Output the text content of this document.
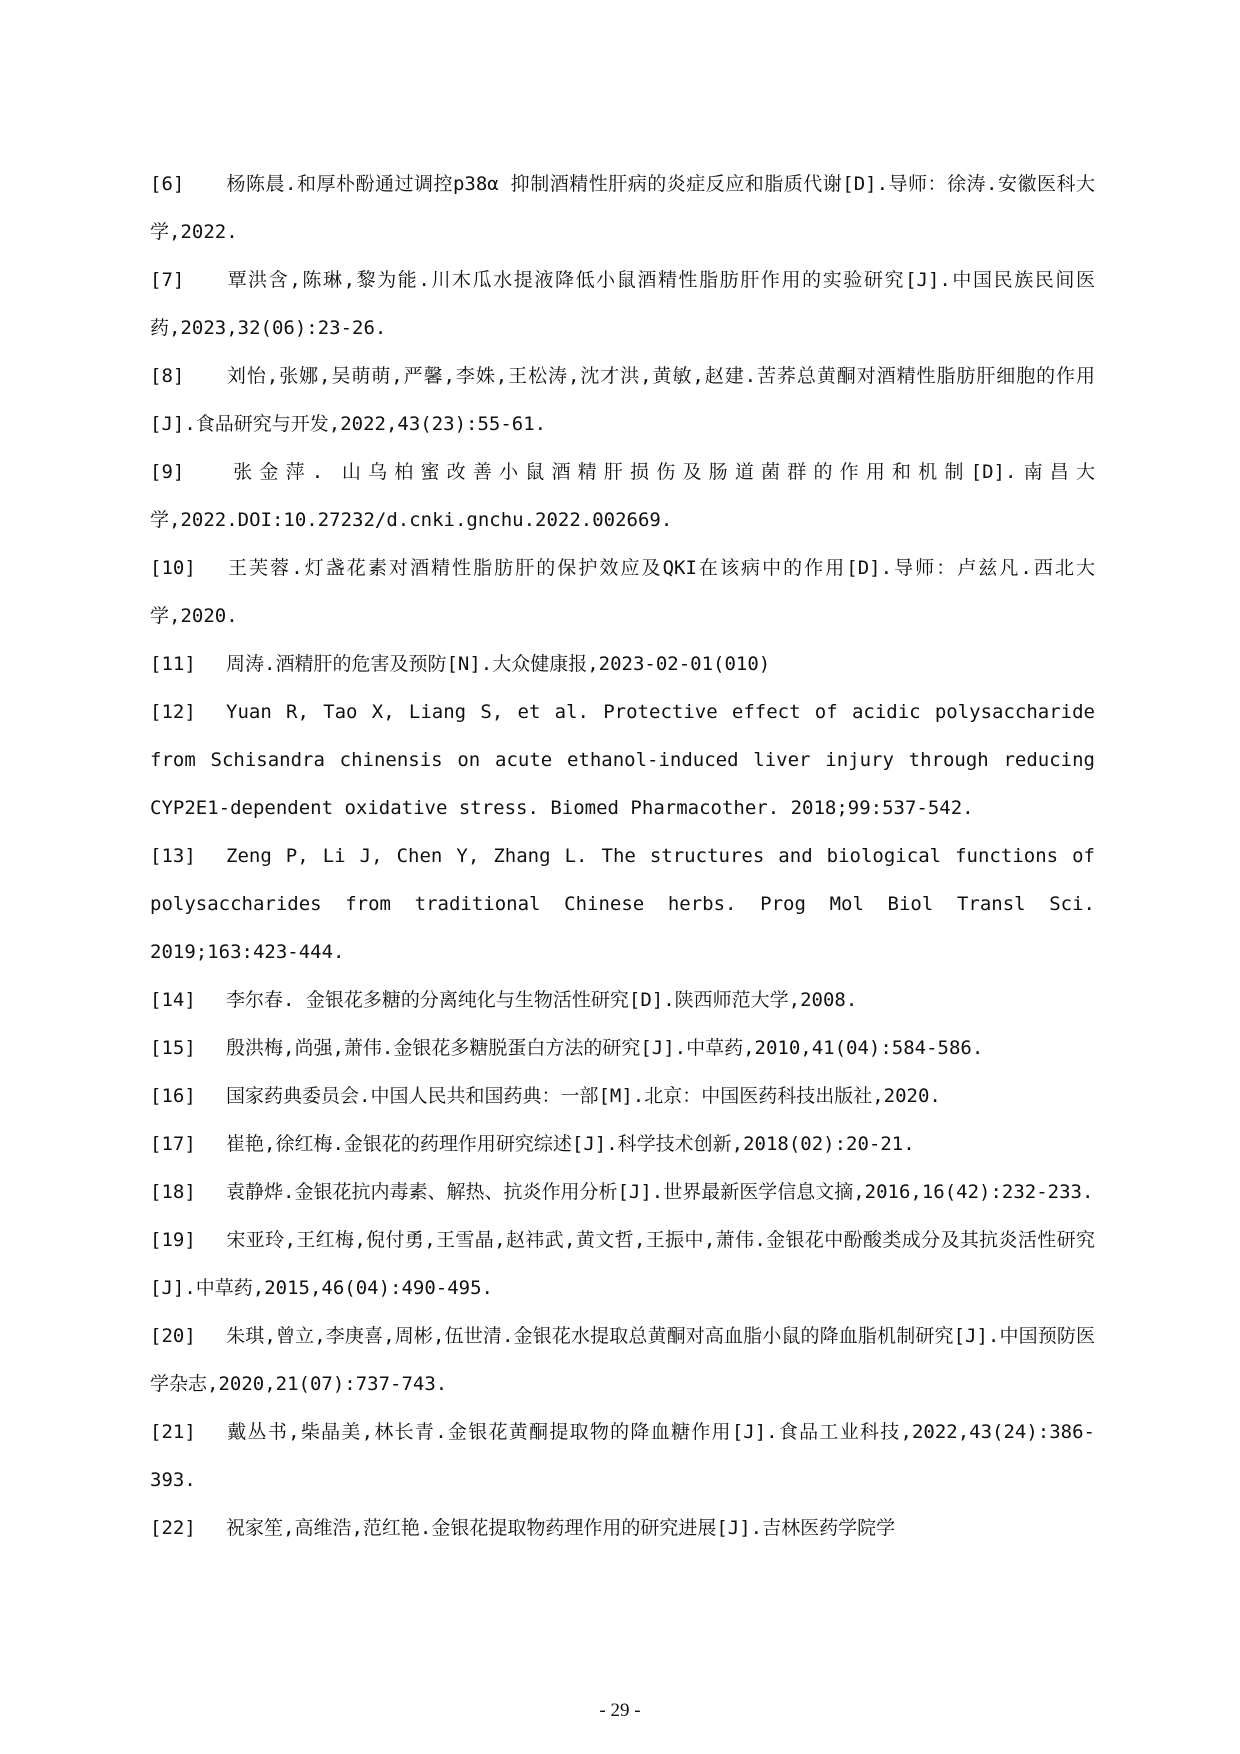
[6] 杨陈晨.和厚朴酚通过调控p38α 抑制酒精性肝病的炎症反应和脂质代谢[D].导师：徐涛.安徽医科大学,2022.
[7] 覃洪含,陈琳,黎为能.川木瓜水提液降低小鼠酒精性脂肪肝作用的实验研究[J].中国民族民间医药,2023,32(06):23-26.
[8] 刘怡,张娜,吴萌萌,严馨,李姝,王松涛,沈才洪,黄敏,赵建.苦荞总黄酮对酒精性脂肪肝细胞的作用[J].食品研究与开发,2022,43(23):55-61.
[9] 张金萍. 山乌柏蜜改善小鼠酒精肝损伤及肠道菌群的作用和机制[D].南昌大学,2022.DOI:10.27232/d.cnki.gnchu.2022.002669.
[10] 王芙蓉.灯盏花素对酒精性脂肪肝的保护效应及QKI在该病中的作用[D].导师：卢兹凡.西北大学,2020.
[11] 周涛.酒精肝的危害及预防[N].大众健康报,2023-02-01(010)
[12] Yuan R, Tao X, Liang S, et al. Protective effect of acidic polysaccharide from Schisandra chinensis on acute ethanol-induced liver injury through reducing CYP2E1-dependent oxidative stress. Biomed Pharmacother. 2018;99:537-542.
[13] Zeng P, Li J, Chen Y, Zhang L. The structures and biological functions of polysaccharides from traditional Chinese herbs. Prog Mol Biol Transl Sci. 2019;163:423-444.
[14] 李尔春. 金银花多糖的分离纯化与生物活性研究[D].陕西师范大学,2008.
[15] 殷洪梅,尚强,萧伟.金银花多糖脱蛋白方法的研究[J].中草药,2010,41(04):584-586.
[16] 国家药典委员会.中国人民共和国药典：一部[M].北京：中国医药科技出版社,2020.
[17] 崔艳,徐红梅.金银花的药理作用研究综述[J].科学技术创新,2018(02):20-21.
[18] 袁静烨.金银花抗内毒素、解热、抗炎作用分析[J].世界最新医学信息文摘,2016,16(42):232-233.
[19] 宋亚玲,王红梅,倪付勇,王雪晶,赵祎武,黄文哲,王振中,萧伟.金银花中酚酸类成分及其抗炎活性研究[J].中草药,2015,46(04):490-495.
[20] 朱琪,曾立,李庚喜,周彬,伍世清.金银花水提取总黄酮对高血脂小鼠的降血脂机制研究[J].中国预防医学杂志,2020,21(07):737-743.
[21] 戴丛书,柴晶美,林长青.金银花黄酮提取物的降血糖作用[J].食品工业科技,2022,43(24):386-393.
[22] 祝家笙,高维浩,范红艳.金银花提取物药理作用的研究进展[J].吉林医药学院学
- 29 -
